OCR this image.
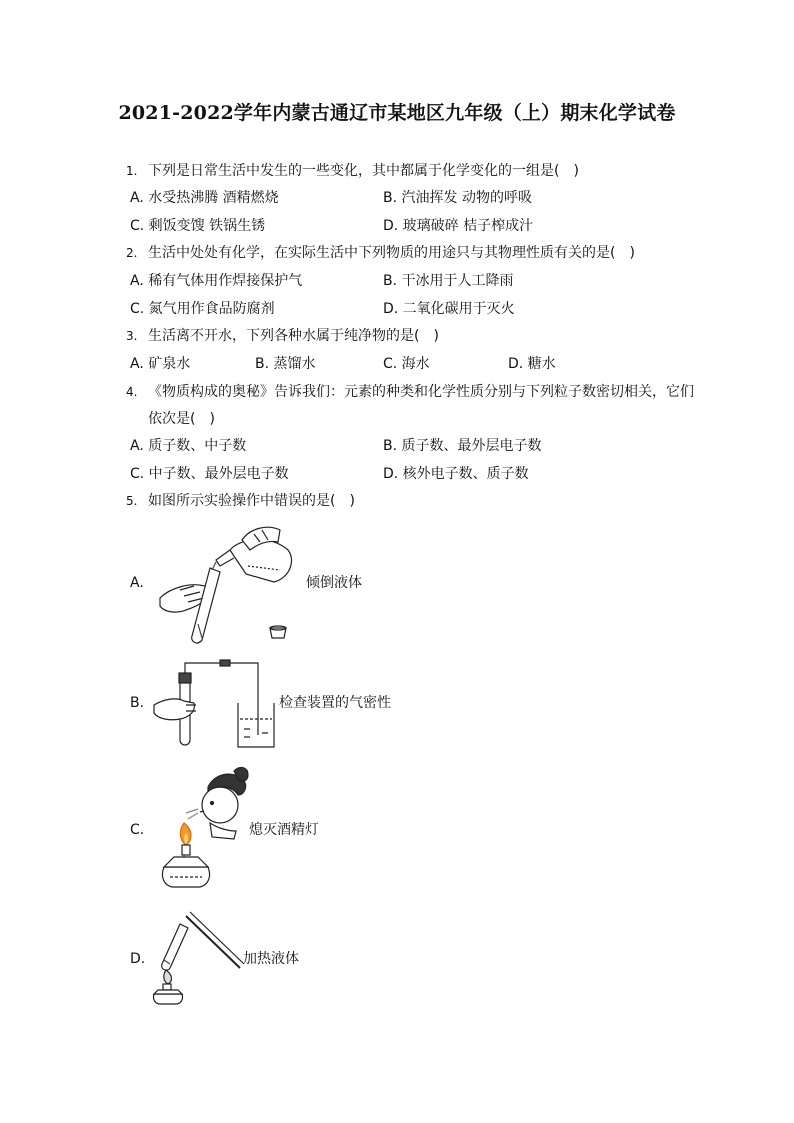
2021-2022学年内蒙古通辽市某地区九年级（上）期末化学试卷
1. 下列是日常生活中发生的一些变化，其中都属于化学变化的一组是(　)
A. 水受热沸腾 酒精燃烧	B. 汽油挥发 动物的呼吸
C. 剩饭变馊 铁锅生锈	D. 玻璃破碎 桔子榨成汁
2. 生活中处处有化学，在实际生活中下列物质的用途只与其物理性质有关的是(　)
A. 稀有气体用作焊接保护气	B. 干冰用于人工降雨
C. 氮气用作食品防腐剂	D. 二氧化碳用于灭火
3. 生活离不开水，下列各种水属于纯净物的是(　)
A. 矿泉水	B. 蒸馏水	C. 海水	D. 糖水
4. 《物质构成的奥秘》告诉我们：元素的种类和化学性质分别与下列粒子数密切相关，它们
依次是(　)
A. 质子数、中子数	B. 质子数、最外层电子数
C. 中子数、最外层电子数	D. 核外电子数、质子数
5. 如图所示实验操作中错误的是(　)
A.	倾倒液体
B.	检查装置的气密性
C.	熄灭酒精灯
D.	加热液体
